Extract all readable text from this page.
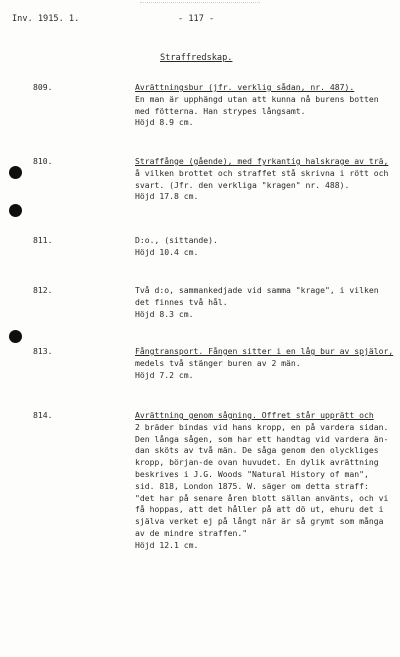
Inv. 1915. 1.	- 117 -
Straffredskap.
809.	Avrättningsbur (jfr. verklig sådan, nr. 487).
En man är upphängd utan att kunna nå burens botten
med fötterna. Han strypes långsamt.
Höjd 8.9 cm.
810.	Straffånge (gående), med fyrkantig halskrage av trä,
å vilken brottet och straffet stå skrivna i rött och
svart. (Jfr. den verkliga "kragen" nr. 488).
Höjd 17.8 cm.
811.	D:o., (sittande).
Höjd 10.4 cm.
812.	Två d:o, sammankedjade vid samma "krage", i vilken
det finnes två hål.
Höjd 8.3 cm.
813.	Fångtransport. Fången sitter i en låg bur av spjälor,
medels två stänger buren av 2 män.
Höjd 7.2 cm.
814.	Avrättning genom sågning. Offret står upprätt och
2 bräder bindas vid hans kropp, en på vardera sidan.
Den långa sågen, som har ett handtag vid vardera än-
dan sköts av två män. De såga genom den olyckliges
kropp, början-de ovan huvudet. En dylik avrättning
beskrives i J.G. Woods "Natural History of man",
sid. 818, London 1875. W. säger om detta straff:
"det har på senare åren blott sällan använts, och vi
få hoppas, att det håller på att dö ut, ehuru det i
själva verket ej på långt när är så grymt som många
av de mindre straffen."
Höjd 12.1 cm.
